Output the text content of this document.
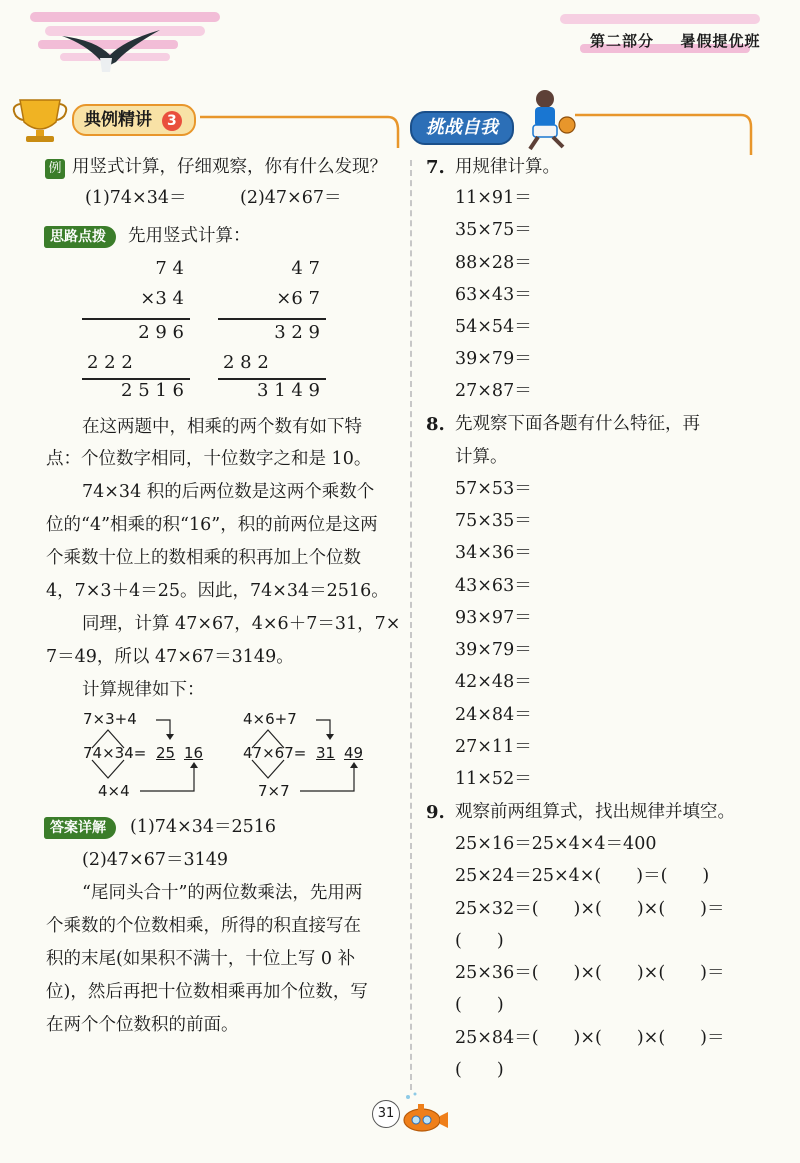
第二部分 暑假提优班
典例精讲 3	挑战自我
例 用竖式计算，仔细观察，你有什么发现？
(1)74×34＝	(2)47×67＝
思路点拨	先用竖式计算：
7 4
×3 4
2 9 6
2 2 2
2 5 1 6
4 7
×6 7
3 2 9
2 8 2
3 1 4 9
在这两题中，相乘的两个数有如下特
点：个位数字相同，十位数字之和是 10。
74×34 积的后两位数是这两个乘数个
位的“4”相乘的积“16”，积的前两位是这两
个乘数十位上的数相乘的积再加上个位数
4，7×3＋4＝25。因此，74×34＝2516。
同理，计算 47×67，4×6＋7＝31，7×
7＝49，所以 47×67＝3149。
计算规律如下：
7×3+4
74×34= 25 16
4×4
4×6+7
47×67= 31 49
7×7
答案详解	(1)74×34＝2516
(2)47×67＝3149
“尾同头合十”的两位数乘法，先用两
个乘数的个位数相乘，所得的积直接写在
积的末尾(如果积不满十，十位上写 0 补
位)，然后再把十位数相乘再加个位数，写
在两个个位数积的前面。
7. 用规律计算。
11×91＝
35×75＝
88×28＝
63×43＝
54×54＝
39×79＝
27×87＝
8. 先观察下面各题有什么特征，再
计算。
57×53＝
75×35＝
34×36＝
43×63＝
93×97＝
39×79＝
42×48＝
24×84＝
27×11＝
11×52＝
9. 观察前两组算式，找出规律并填空。
25×16＝25×4×4＝400
25×24＝25×4×(　　)＝(　　)
25×32＝(　　)×(　　)×(　　)＝
(　　)
25×36＝(　　)×(　　)×(　　)＝
(　　)
25×84＝(　　)×(　　)×(　　)＝
(　　)
31
